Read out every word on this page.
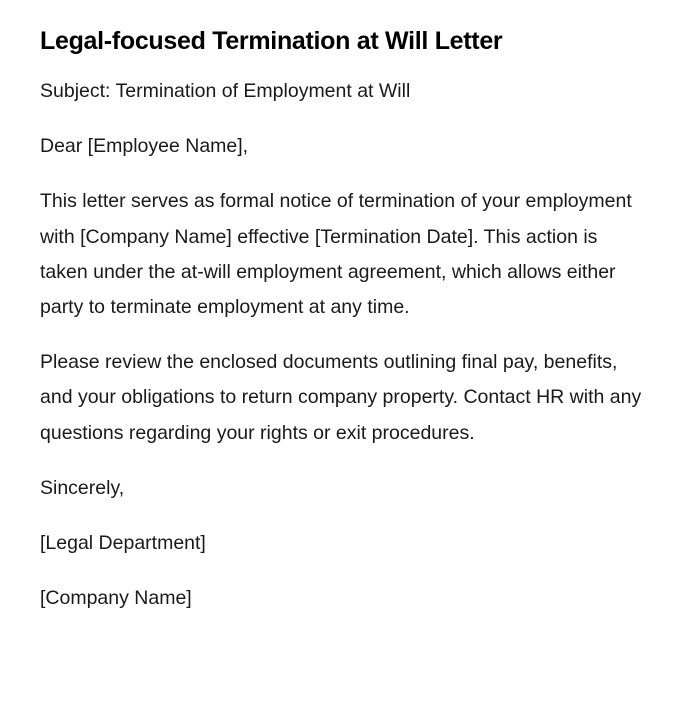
Legal-focused Termination at Will Letter

Subject: Termination of Employment at Will

Dear [Employee Name],

This letter serves as formal notice of termination of your employment with [Company Name] effective [Termination Date]. This action is taken under the at-will employment agreement, which allows either party to terminate employment at any time.

Please review the enclosed documents outlining final pay, benefits, and your obligations to return company property. Contact HR with any questions regarding your rights or exit procedures.

Sincerely,

[Legal Department]

[Company Name]
